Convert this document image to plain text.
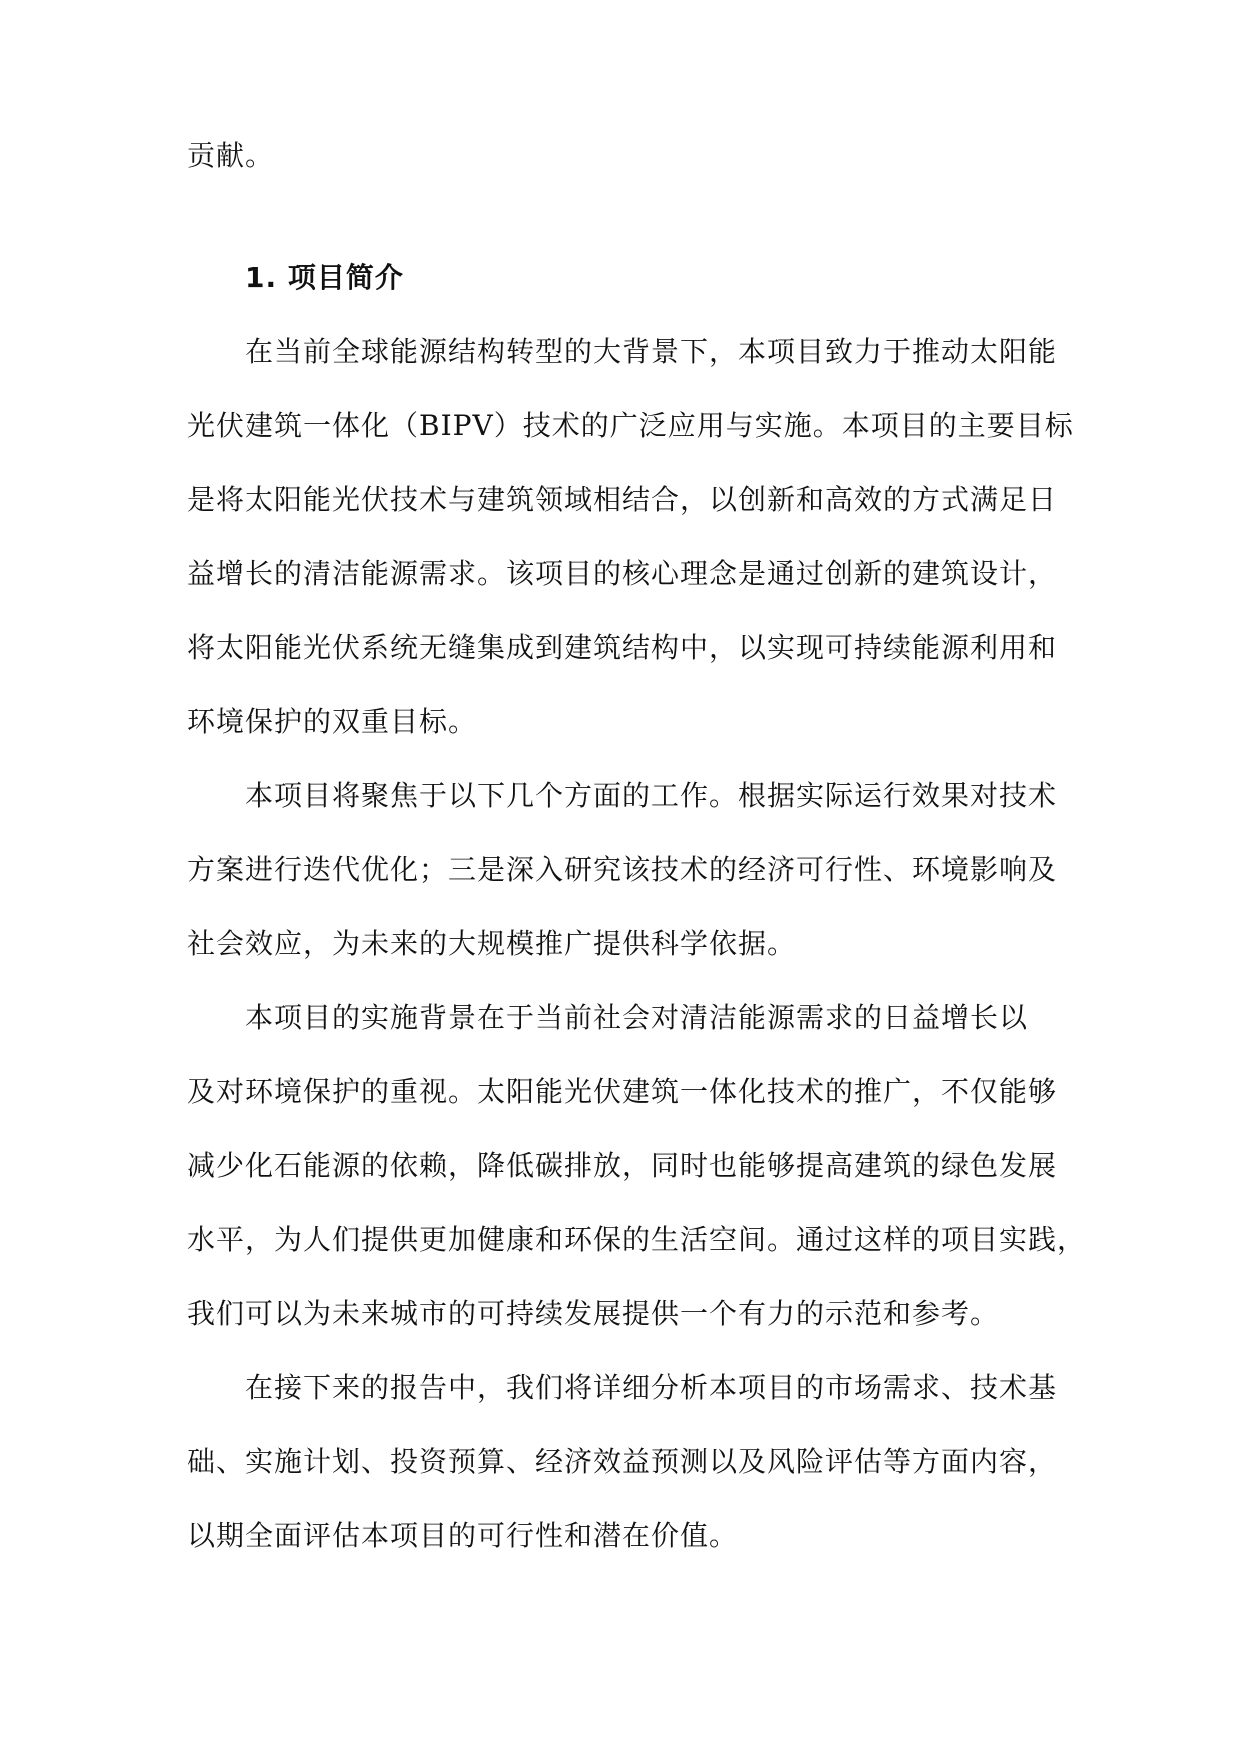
贡献。
1. 项目简介
在当前全球能源结构转型的大背景下，本项目致力于推动太阳能
光伏建筑一体化（BIPV）技术的广泛应用与实施。本项目的主要目标
是将太阳能光伏技术与建筑领域相结合，以创新和高效的方式满足日
益增长的清洁能源需求。该项目的核心理念是通过创新的建筑设计，
将太阳能光伏系统无缝集成到建筑结构中，以实现可持续能源利用和
环境保护的双重目标。
本项目将聚焦于以下几个方面的工作。根据实际运行效果对技术
方案进行迭代优化；三是深入研究该技术的经济可行性、环境影响及
社会效应，为未来的大规模推广提供科学依据。
本项目的实施背景在于当前社会对清洁能源需求的日益增长以
及对环境保护的重视。太阳能光伏建筑一体化技术的推广，不仅能够
减少化石能源的依赖，降低碳排放，同时也能够提高建筑的绿色发展
水平，为人们提供更加健康和环保的生活空间。通过这样的项目实践，
我们可以为未来城市的可持续发展提供一个有力的示范和参考。
在接下来的报告中，我们将详细分析本项目的市场需求、技术基
础、实施计划、投资预算、经济效益预测以及风险评估等方面内容，
以期全面评估本项目的可行性和潜在价值。
